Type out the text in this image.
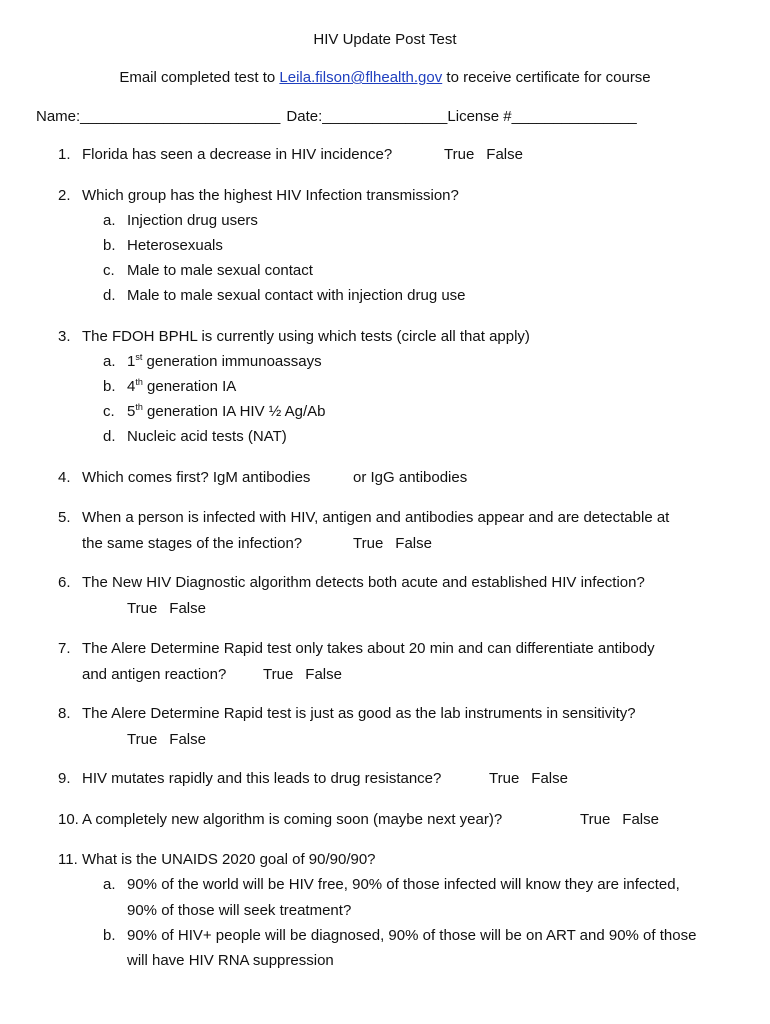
HIV Update Post Test
Email completed test to Leila.filson@flhealth.gov to receive certificate for course
Name:________________________ Date:_______________License #_______________
1. Florida has seen a decrease in HIV incidence?	True False
2. Which group has the highest HIV Infection transmission?
a. Injection drug users
b. Heterosexuals
c. Male to male sexual contact
d. Male to male sexual contact with injection drug use
3. The FDOH BPHL is currently using which tests (circle all that apply)
a. 1st generation immunoassays
b. 4th generation IA
c. 5th generation IA HIV ½ Ag/Ab
d. Nucleic acid tests (NAT)
4. Which comes first? IgM antibodies	or IgG antibodies
5. When a person is infected with HIV, antigen and antibodies appear and are detectable at
the same stages of the infection?	True False
6. The New HIV Diagnostic algorithm detects both acute and established HIV infection?
True False
7. The Alere Determine Rapid test only takes about 20 min and can differentiate antibody
and antigen reaction? True False
8. The Alere Determine Rapid test is just as good as the lab instruments in sensitivity?
True False
9. HIV mutates rapidly and this leads to drug resistance?	True False
10. A completely new algorithm is coming soon (maybe next year)?	True False
11. What is the UNAIDS 2020 goal of 90/90/90?
a. 90% of the world will be HIV free, 90% of those infected will know they are infected,
90% of those will seek treatment?
b. 90% of HIV+ people will be diagnosed, 90% of those will be on ART and 90% of those
will have HIV RNA suppression
